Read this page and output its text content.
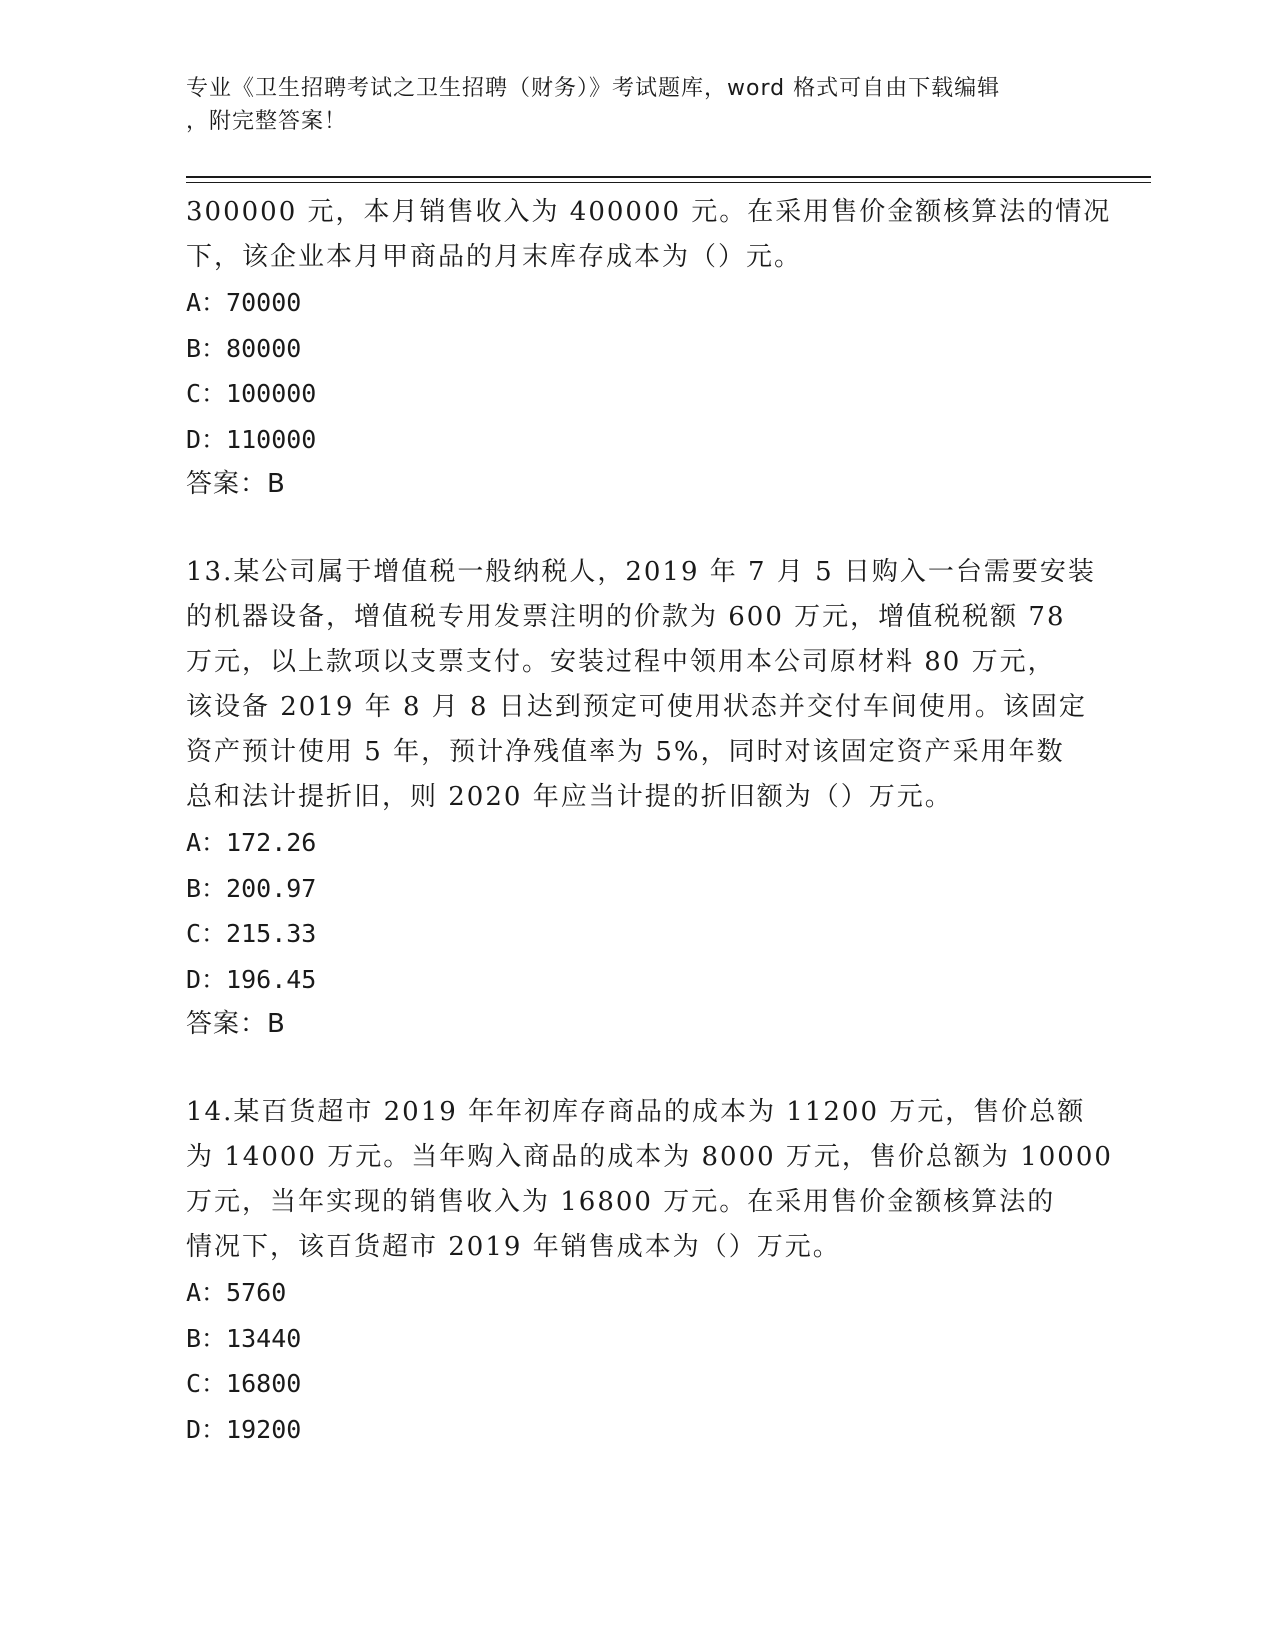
专业《卫生招聘考试之卫生招聘（财务）》考试题库，word 格式可自由下载编辑
，附完整答案！
300000 元，本月销售收入为 400000 元。在采用售价金额核算法的情况
下，该企业本月甲商品的月末库存成本为（）元。
A：70000
B：80000
C：100000
D：110000
答案：B
13.某公司属于增值税一般纳税人，2019 年 7 月 5 日购入一台需要安装
的机器设备，增值税专用发票注明的价款为 600 万元，增值税税额 78
万元，以上款项以支票支付。安装过程中领用本公司原材料 80 万元，
该设备 2019 年 8 月 8 日达到预定可使用状态并交付车间使用。该固定
资产预计使用 5 年，预计净残值率为 5%，同时对该固定资产采用年数
总和法计提折旧，则 2020 年应当计提的折旧额为（）万元。
A：172.26
B：200.97
C：215.33
D：196.45
答案：B
14.某百货超市 2019 年年初库存商品的成本为 11200 万元，售价总额
为 14000 万元。当年购入商品的成本为 8000 万元，售价总额为 10000
万元，当年实现的销售收入为 16800 万元。在采用售价金额核算法的
情况下，该百货超市 2019 年销售成本为（）万元。
A：5760
B：13440
C：16800
D：19200
